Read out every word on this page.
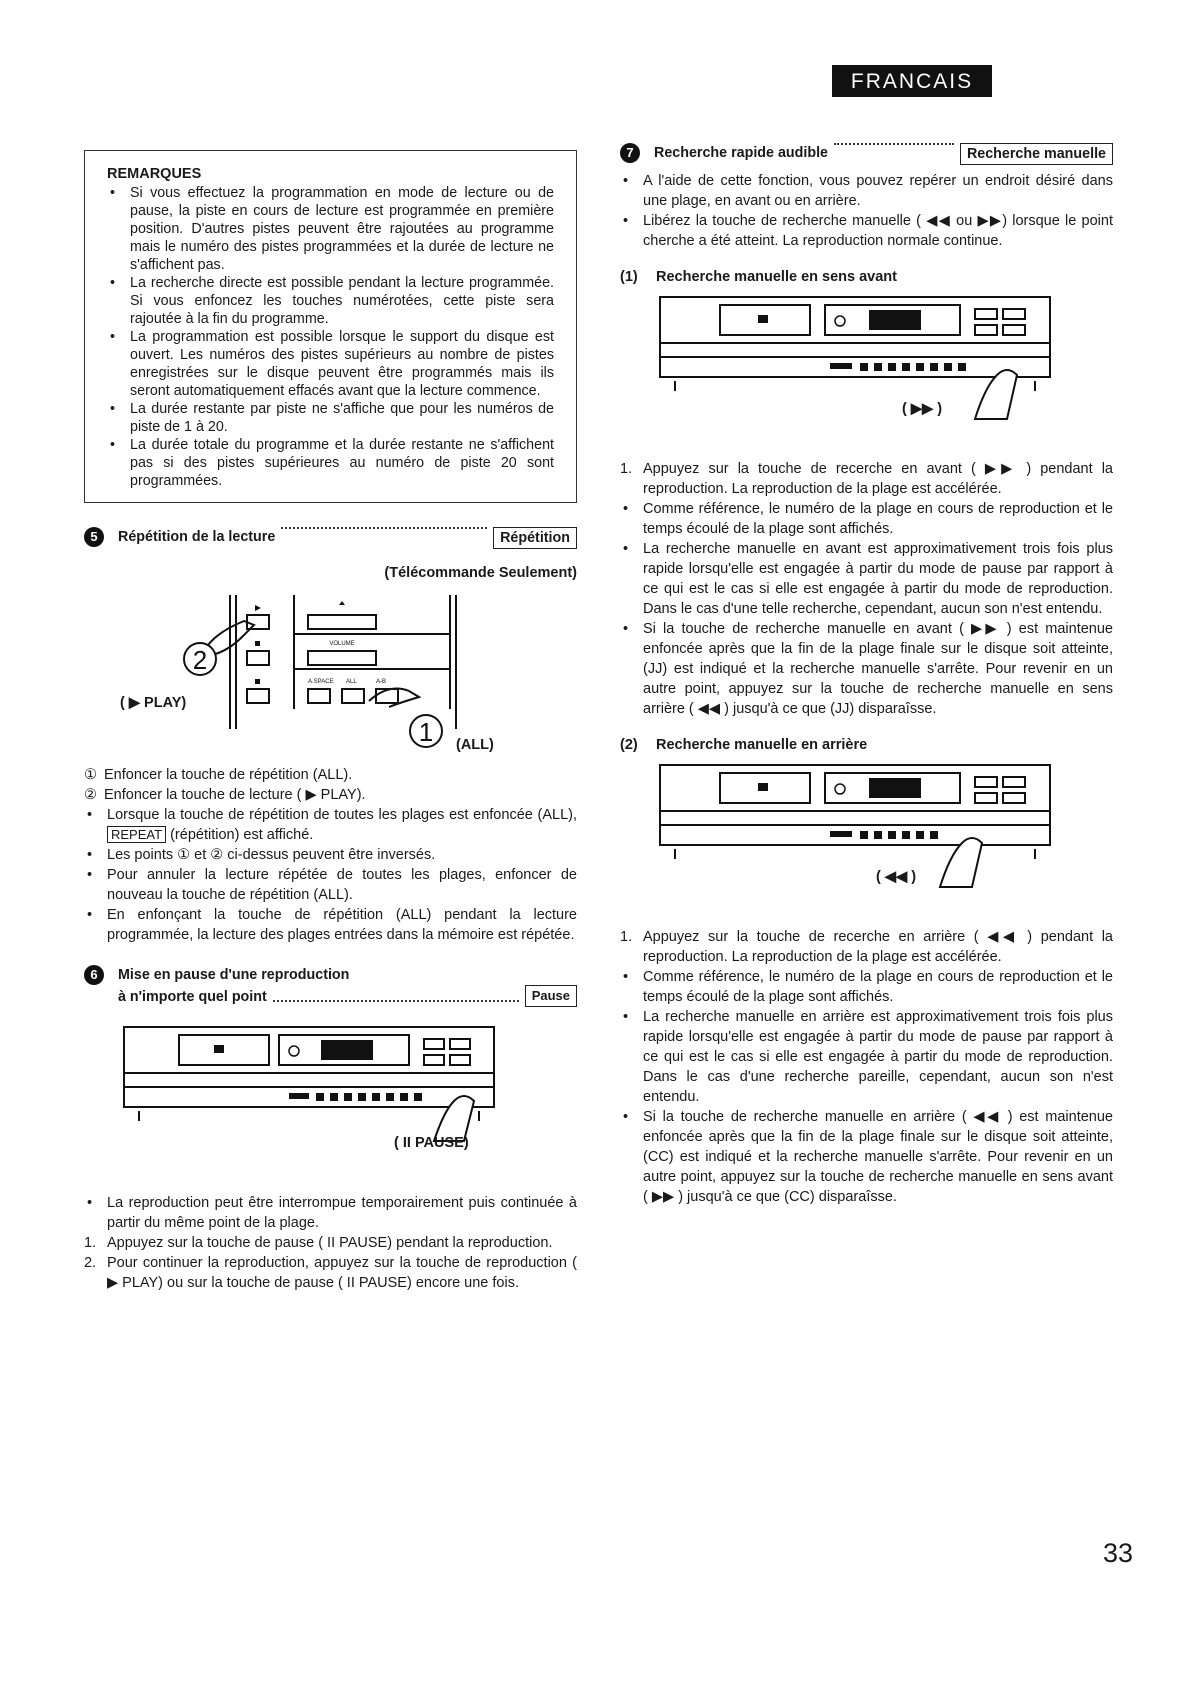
FRANCAIS
REMARQUES
• Si vous effectuez la programmation en mode de lecture ou de pause, la piste en cours de lecture est programmée en première position. D'autres pistes peuvent être rajoutées au programme mais le numéro des pistes programmées et la durée de lecture ne s'affichent pas.
• La recherche directe est possible pendant la lecture programmée. Si vous enfoncez les touches numérotées, cette piste sera rajoutée à la fin du programme.
• La programmation est possible lorsque le support du disque est ouvert. Les numéros des pistes supérieurs au nombre de pistes enregistrées sur le disque peuvent être programmés mais ils seront automatiquement effacés avant que la lecture commence.
• La durée restante par piste ne s'affiche que pour les numéros de piste de 1 à 20.
• La durée totale du programme et la durée restante ne s'affichent pas si des pistes supérieures au numéro de piste 20 sont programmées.
5	Répétition de la lecture	Répétition
(Télécommande Seulement)
VOLUME
A.SPACE ALL	A-B
2
1
( ▶ PLAY)
(ALL)
① Enfoncer la touche de répétition (ALL).
② Enfoncer la touche de lecture ( ▶ PLAY).
• Lorsque la touche de répétition de toutes les plages est enfoncée (ALL), REPEAT (répétition) est affiché.
• Les points ① et ② ci-dessus peuvent être inversés.
• Pour annuler la lecture répétée de toutes les plages, enfoncer de nouveau la touche de répétition (ALL).
• En enfonçant la touche de répétition (ALL) pendant la lecture programmée, la lecture des plages entrées dans la mémoire est répétée.
6	Mise en pause d'une reproduction
à n'importe quel point	Pause
( II PAUSE)
• La reproduction peut être interrompue temporairement puis continuée à partir du même point de la plage.
1. Appuyez sur la touche de pause ( II PAUSE) pendant la reproduction.
2. Pour continuer la reproduction, appuyez sur la touche de reproduction ( ▶ PLAY) ou sur la touche de pause ( II PAUSE) encore une fois.
7	Recherche rapide audible	Recherche manuelle
• A l'aide de cette fonction, vous pouvez repérer un endroit désiré dans une plage, en avant ou en arrière.
• Libérez la touche de recherche manuelle ( ◀◀ ou ▶▶) lorsque le point cherche a été atteint. La reproduction normale continue.
(1) Recherche manuelle en sens avant
( ▶▶ )
1. Appuyez sur la touche de recerche en avant ( ▶▶ ) pendant la reproduction. La reproduction de la plage est accélérée.
• Comme référence, le numéro de la plage en cours de reproduction et le temps écoulé de la plage sont affichés.
• La recherche manuelle en avant est approximativement trois fois plus rapide lorsqu'elle est engagée à partir du mode de pause par rapport à ce qui est le cas si elle est engagée à partir du mode de reproduction. Dans le cas d'une telle recherche, cependant, aucun son n'est entendu.
• Si la touche de recherche manuelle en avant ( ▶▶ ) est maintenue enfoncée après que la fin de la plage finale sur le disque soit atteinte, (JJ) est indiqué et la recherche manuelle s'arrête. Pour revenir en un autre point, appuyez sur la touche de recherche manuelle en sens arrière ( ◀◀ ) jusqu'à ce que (JJ) disparaîsse.
(2) Recherche manuelle en arrière
( ◀◀ )
1. Appuyez sur la touche de recerche en arrière ( ◀◀ ) pendant la reproduction. La reproduction de la plage est accélérée.
• Comme référence, le numéro de la plage en cours de reproduction et le temps écoulé de la plage sont affichés.
• La recherche manuelle en arrière est approximativement trois fois plus rapide lorsqu'elle est engagée à partir du mode de pause par rapport à ce qui est le cas si elle est engagée à partir du mode de reproduction. Dans le cas d'une recherche pareille, cependant, aucun son n'est entendu.
• Si la touche de recherche manuelle en arrière ( ◀◀ ) est maintenue enfoncée après que la fin de la plage finale sur le disque soit atteinte, (CC) est indiqué et la recherche manuelle s'arrête. Pour revenir en un autre point, appuyez sur la touche de recherche manuelle en sens avant ( ▶▶ ) jusqu'à ce que (CC) disparaîsse.
33
